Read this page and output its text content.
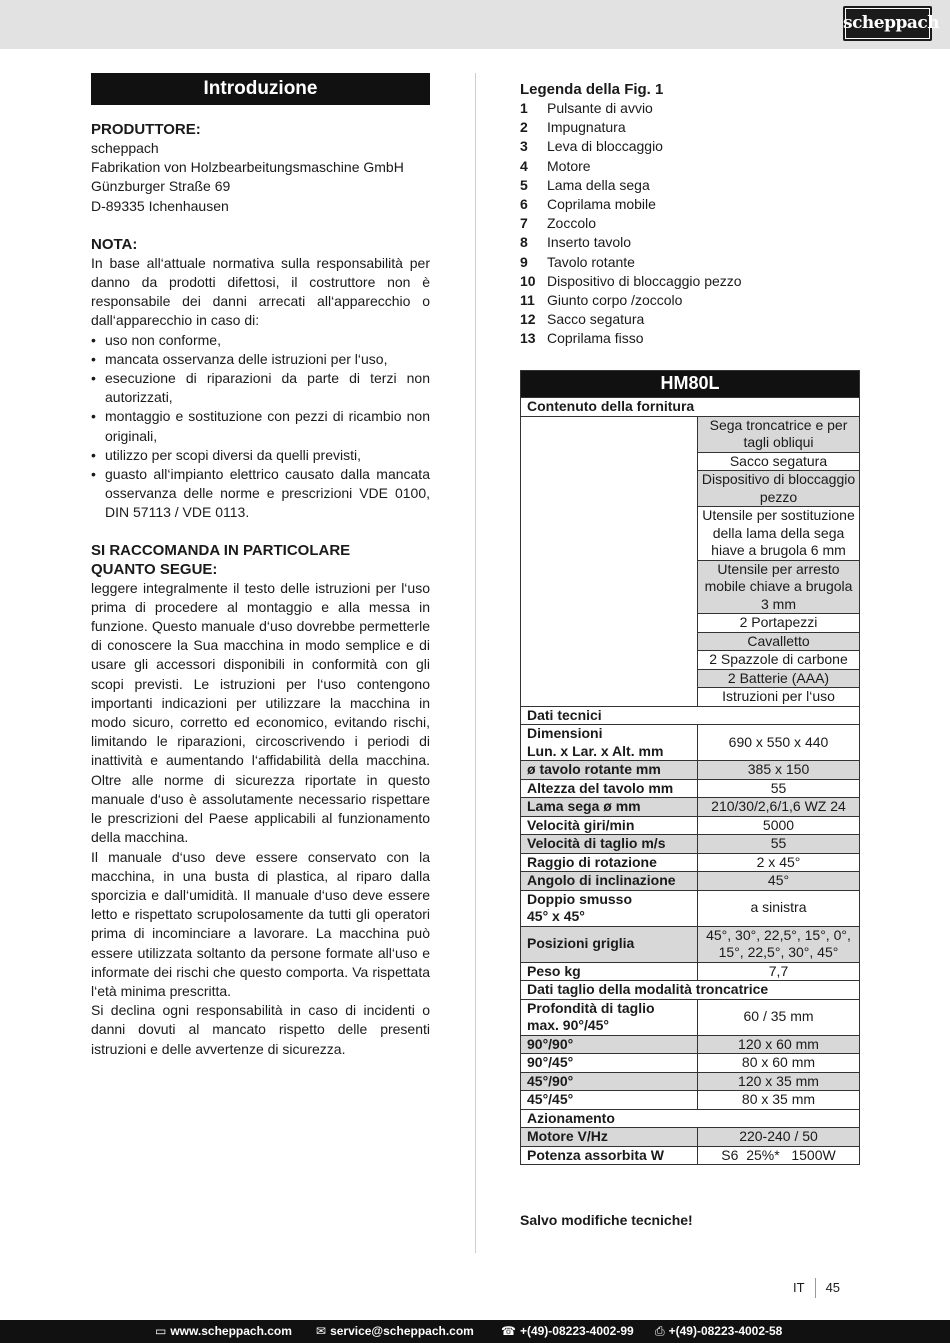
scheppach
Introduzione

PRODUTTORE:

scheppach

Fabrikation von Holzbearbeitungsmaschine GmbH

Günzburger Straße 69

D-89335 Ichenhausen

NOTA:

In base all‘attuale normativa sulla responsabilità per danno da prodotti difettosi, il costruttore non è responsabile dei danni arrecati all‘apparecchio o dall‘apparecchio in caso di:

• uso non conforme,
• mancata osservanza delle istruzioni per l‘uso,
• esecuzione di riparazioni da parte di terzi non autorizzati,
• montaggio e sostituzione con pezzi di ricambio non originali,
• utilizzo per scopi diversi da quelli previsti,
• guasto all‘impianto elettrico causato dalla mancata osservanza delle norme e prescrizioni VDE 0100, DIN 57113 / VDE 0113.

SI RACCOMANDA IN PARTICOLARE

QUANTO SEGUE:

leggere integralmente il testo delle istruzioni per l‘uso prima di procedere al montaggio e alla messa in funzione. Questo manuale d‘uso dovrebbe permetterle di conoscere la Sua macchina in modo semplice e di usare gli accessori disponibili in conformità con gli scopi previsti. Le istruzioni per l‘uso contengono importanti indicazioni per utilizzare la macchina in modo sicuro, corretto ed economico, evitando rischi, limitando le riparazioni, circoscrivendo i periodi di inattività e aumentando l‘affidabilità della macchina. Oltre alle norme di sicurezza riportate in questo manuale d‘uso è assolutamente necessario rispettare le prescrizioni del Paese applicabili al funzionamento della macchina.

Il manuale d‘uso deve essere conservato con la macchina, in una busta di plastica, al riparo dalla sporcizia e dall‘umidità. Il manuale d‘uso deve essere letto e rispettato scrupolosamente da tutti gli operatori prima di incominciare a lavorare. La macchina può essere utilizzata soltanto da persone formate all‘uso e informate dei rischi che questo comporta. Va rispettata l‘età minima prescritta.

Si declina ogni responsabilità in caso di incidenti o danni dovuti al mancato rispetto delle presenti istruzioni e delle avvertenze di sicurezza.

Legenda della Fig. 1
1	Pulsante di avvio
2	Impugnatura
3	Leva di bloccaggio
4	Motore
5	Lama della sega
6	Coprilama mobile
7	Zoccolo
8	Inserto tavolo
9	Tavolo rotante
10 Dispositivo di bloccaggio pezzo
11 Giunto corpo /zoccolo
12 Sacco segatura
13 Coprilama fisso
HM80L	
Contenuto della fornitura	
	Sega troncatrice e per tagli obliqui
	Sacco segatura
	Dispositivo di bloccaggio pezzo
	Utensile per sostituzione della lama della sega hiave a brugola 6 mm
	Utensile per arresto mobile chiave a brugola 3 mm
	2 Portapezzi
	Cavalletto
	2 Spazzole di carbone
	2 Batterie (AAA)
	Istruzioni per l‘uso
Dati tecnici	
Dimensioni
Lun. x Lar. x Alt. mm	690 x 550 x 440
ø tavolo rotante mm	385 x 150
Altezza del tavolo mm	55
Lama sega ø mm	210/30/2,6/1,6 WZ 24
Velocità giri/min	5000
Velocità di taglio m/s	55
Raggio di rotazione	2 x 45°
Angolo di inclinazione	45°
Doppio smusso
45° x 45°	a sinistra
Posizioni griglia	45°, 30°, 22,5°, 15°, 0°, 15°, 22,5°, 30°, 45°
Peso kg	7,7
Dati taglio della modalità troncatrice	
Profondità di taglio
max. 90°/45°	60 / 35 mm
90°/90°	120 x 60 mm
90°/45°	80 x 60 mm
45°/90°	120 x 35 mm
45°/45°	80 x 35 mm
Azionamento	
Motore V/Hz	220-240 / 50
Potenza assorbita W	S6  25%*   1500W
Salvo modifiche tecniche!
IT 45
▭ www.scheppach.com ✉ service@scheppach.com ☎ +(49)-08223-4002-99 ⎙ +(49)-08223-4002-58
